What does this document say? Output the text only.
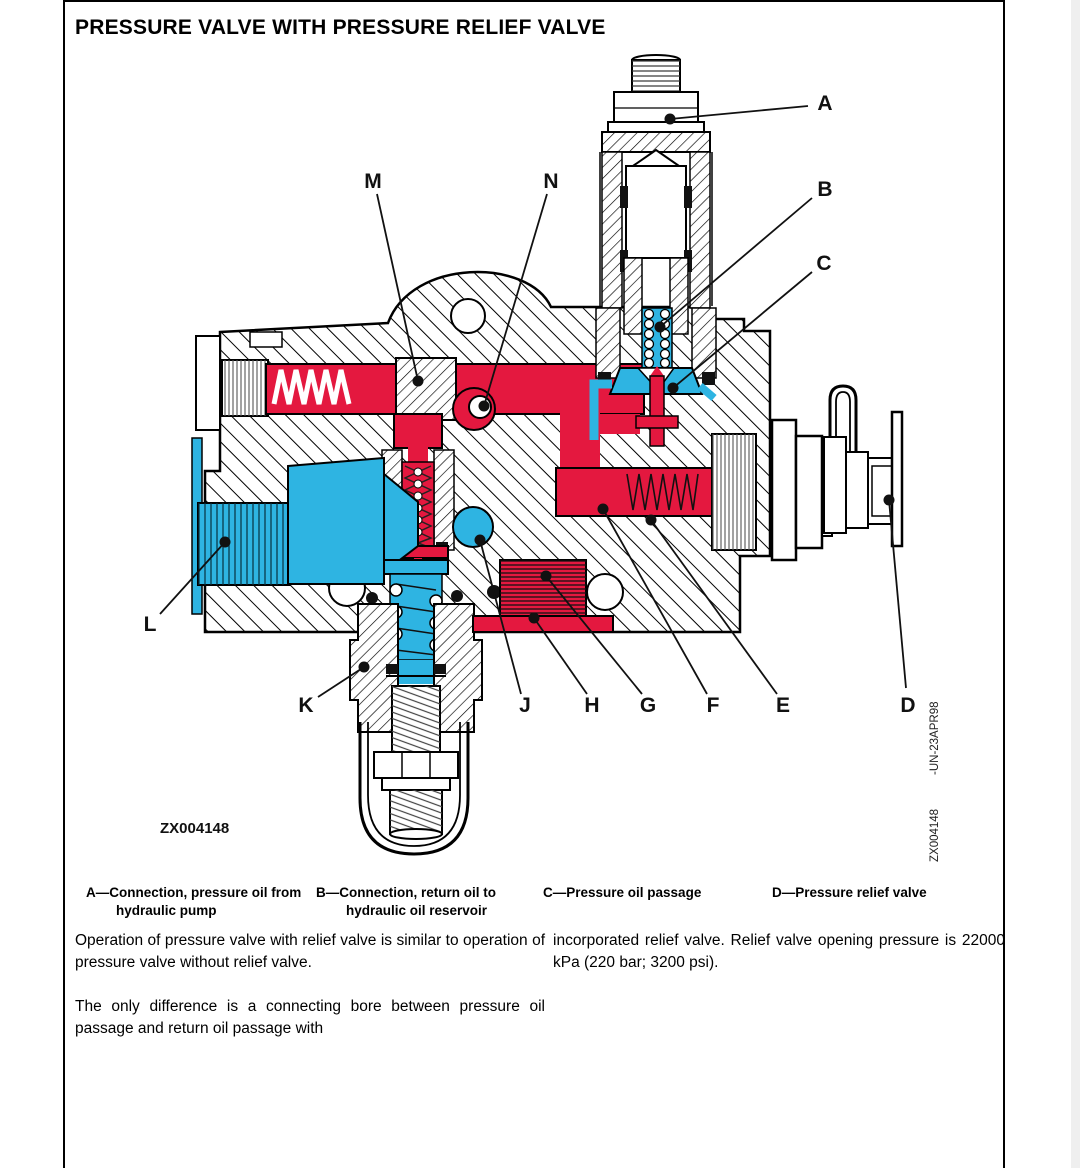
PRESSURE VALVE WITH PRESSURE RELIEF VALVE
A
B
C
M	N
L
K	J	H G F	E	D
ZX004148
-UN-23APR98
ZX004148
A—Connection, pressure oil from hydraulic pump
B—Connection, return oil to hydraulic oil reservoir
C—Pressure oil passage	D—Pressure relief valve

Operation of pressure valve with relief valve is similar to operation of pressure valve without relief valve.

The only difference is a connecting bore between pressure oil passage and return oil passage with

incorporated relief valve. Relief valve opening pressure is 22000 kPa (220 bar; 3200 psi).
